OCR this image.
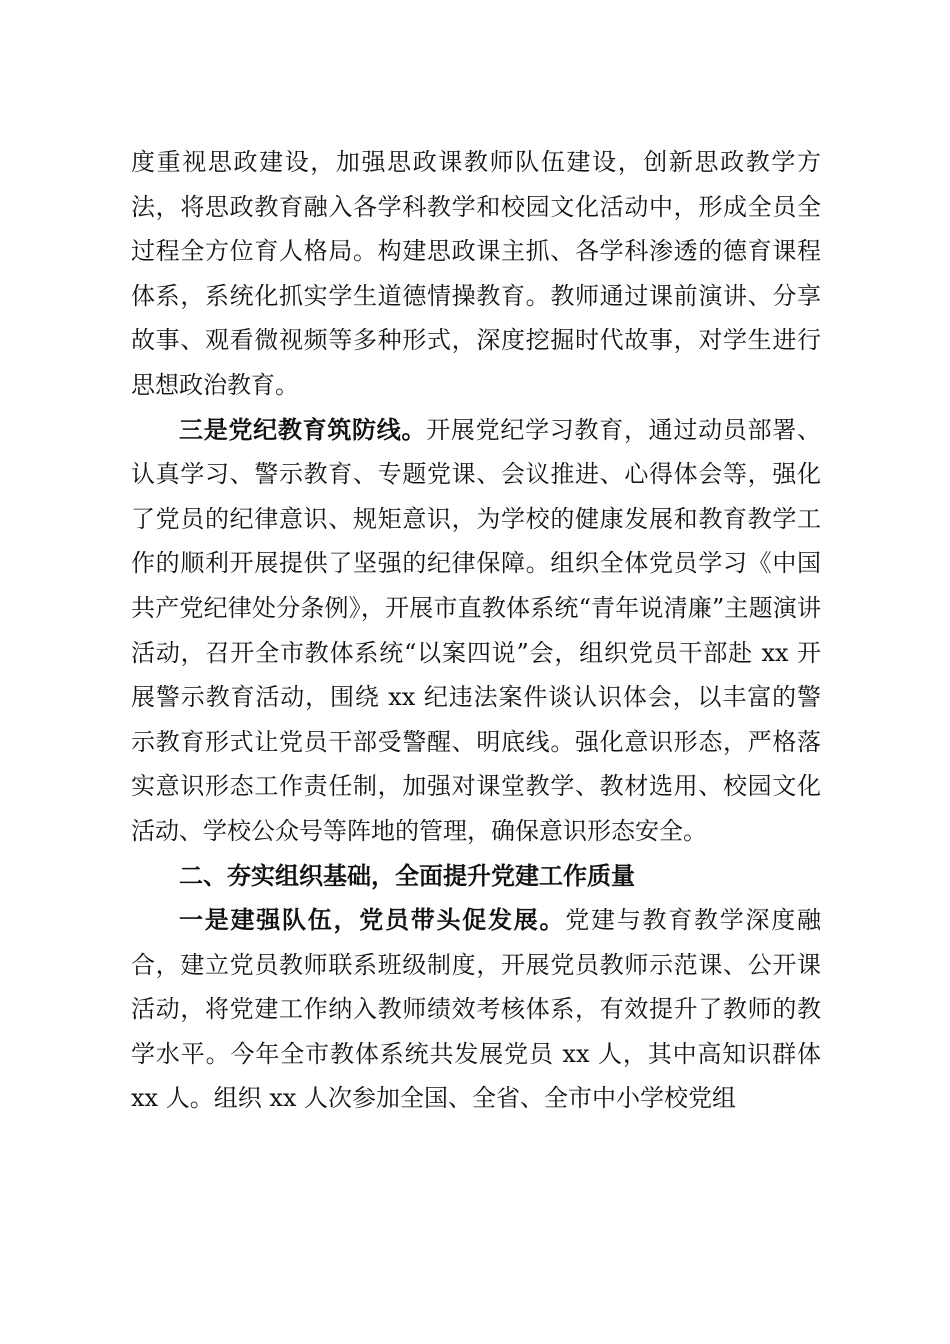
度重视思政建设，加强思政课教师队伍建设，创新思政教学方法，将思政教育融入各学科教学和校园文化活动中，形成全员全过程全方位育人格局。构建思政课主抓、各学科渗透的德育课程体系，系统化抓实学生道德情操教育。教师通过课前演讲、分享故事、观看微视频等多种形式，深度挖掘时代故事，对学生进行思想政治教育。

三是党纪教育筑防线。开展党纪学习教育，通过动员部署、认真学习、警示教育、专题党课、会议推进、心得体会等，强化了党员的纪律意识、规矩意识，为学校的健康发展和教育教学工作的顺利开展提供了坚强的纪律保障。组织全体党员学习《中国共产党纪律处分条例》，开展市直教体系统“青年说清廉”主题演讲活动，召开全市教体系统“以案四说”会，组织党员干部赴 xx 开展警示教育活动，围绕 xx 纪违法案件谈认识体会，以丰富的警示教育形式让党员干部受警醒、明底线。强化意识形态，严格落实意识形态工作责任制，加强对课堂教学、教材选用、校园文化活动、学校公众号等阵地的管理，确保意识形态安全。

二、夯实组织基础，全面提升党建工作质量

一是建强队伍，党员带头促发展。党建与教育教学深度融合，建立党员教师联系班级制度，开展党员教师示范课、公开课活动，将党建工作纳入教师绩效考核体系，有效提升了教师的教学水平。今年全市教体系统共发展党员 xx 人，其中高知识群体 xx 人。组织 xx 人次参加全国、全省、全市中小学校党组
